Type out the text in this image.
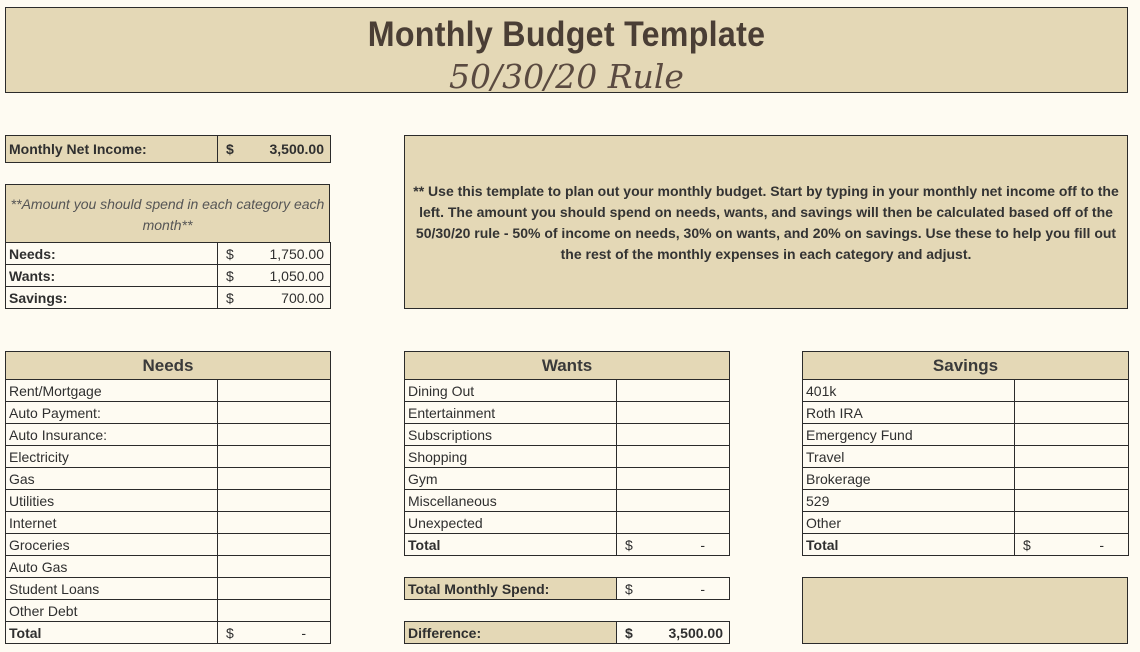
Monthly Budget Template
50/30/20 Rule
Monthly Net Income:	$	3,500.00
**Amount you should spend in each category each month**
Needs:	$ 1,750.00

Wants:	$ 1,050.00

Savings:	$ 700.00
** Use this template to plan out your monthly budget. Start by typing in your monthly net income off to the left. The amount you should spend on needs, wants, and savings will then be calculated based off of the 50/30/20 rule - 50% of income on needs, 30% on wants, and 20% on savings. Use these to help you fill out the rest of the monthly expenses in each category and adjust.
Needs	
Rent/Mortgage	
Auto Payment:	
Auto Insurance:	
Electricity	
Gas	
Utilities	
Internet	
Groceries	
Auto Gas	
Student Loans	
Other Debt	
Total	$ -
Wants	
Dining Out	
Entertainment	
Subscriptions	
Shopping	
Gym	
Miscellaneous	
Unexpected	
Total	$ -
Savings	
401k	
Roth IRA	
Emergency Fund	
Travel	
Brokerage	
529	
Other	
Total	$ -
Total Monthly Spend:	$	-
Difference:	$	3,500.00
